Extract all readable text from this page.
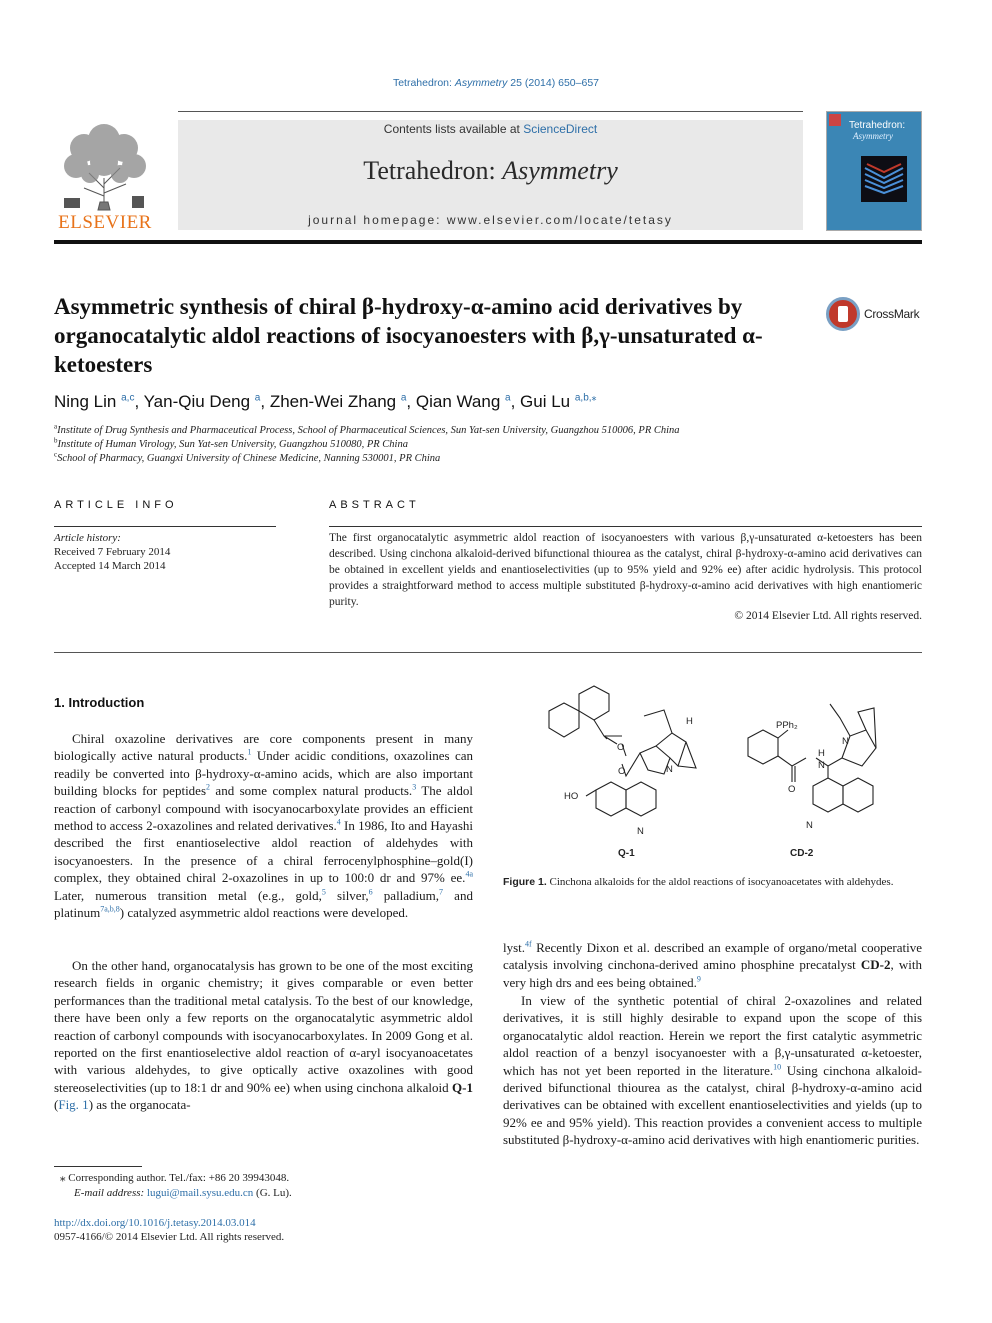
Tetrahedron: Asymmetry 25 (2014) 650–657
ELSEVIER
Contents lists available at ScienceDirect
Tetrahedron: Asymmetry
journal homepage: www.elsevier.com/locate/tetasy
Tetrahedron:
Asymmetry
Asymmetric synthesis of chiral β-hydroxy-α-amino acid derivatives by organocatalytic aldol reactions of isocyanoesters with β,γ-unsaturated α-ketoesters
CrossMark
Ning Lin $^{a,c}$, Yan-Qiu Deng $^a$, Zhen-Wei Zhang $^a$, Qian Wang $^a$, Gui Lu $^{a,b,⁎}$
$^a$Institute of Drug Synthesis and Pharmaceutical Process, School of Pharmaceutical Sciences, Sun Yat-sen University, Guangzhou 510006, PR China
$^b$Institute of Human Virology, Sun Yat-sen University, Guangzhou 510080, PR China
$^c$School of Pharmacy, Guangxi University of Chinese Medicine, Nanning 530001, PR China
ARTICLE INFO
Article history:
Received 7 February 2014
Accepted 14 March 2014
ABSTRACT
The first organocatalytic asymmetric aldol reaction of isocyanoesters with various β,γ-unsaturated α-ketoesters has been described. Using cinchona alkaloid-derived bifunctional thiourea as the catalyst, chiral β-hydroxy-α-amino acid derivatives can be obtained in excellent yields and enantioselectivities (up to 95% yield and 92% ee) after acidic hydrolysis. This protocol provides a straightforward method to access multiple substituted β-hydroxy-α-amino acid derivatives with high enantiomeric purity.
© 2014 Elsevier Ltd. All rights reserved.
1. Introduction
Chiral oxazoline derivatives are core components present in many biologically active natural products.$^1$ Under acidic conditions, oxazolines can readily be converted into β-hydroxy-α-amino acids, which are also important building blocks for peptides$^2$ and some complex natural products.$^3$ The aldol reaction of carbonyl compound with isocyanocarboxylate provides an efficient method to access 2-oxazolines and related derivatives.$^4$ In 1986, Ito and Hayashi described the first enantioselective aldol reaction of aldehydes with isocyanoesters. In the presence of a chiral ferrocenylphosphine–gold(I) complex, they obtained chiral 2-oxazolines in up to 100:0 dr and 97% ee.$^{4a}$ Later, numerous transition metal (e.g., gold,$^5$ silver,$^6$ palladium,$^7$ and platinum$^{7a,b,8}$) catalyzed asymmetric aldol reactions were developed.
On the other hand, organocatalysis has grown to be one of the most exciting research fields in organic chemistry; it gives comparable or even better performances than the traditional metal catalysis. To the best of our knowledge, there have been only a few reports on the organocatalytic asymmetric aldol reaction of carbonyl compounds with isocyanocarboxylates. In 2009 Gong et al. reported on the first enantioselective aldol reaction of α-aryl isocyanoacetates with various aldehydes, to give optically active oxazolines with good stereoselectivities (up to 18:1 dr and 90% ee) when using cinchona alkaloid Q-1 (Fig. 1) as the organocata-
lyst.$^{4f}$ Recently Dixon et al. described an example of organo/metal cooperative catalysis involving cinchona-derived amino phosphine precatalyst CD-2, with very high drs and ees being obtained.$^9$
In view of the synthetic potential of chiral 2-oxazolines and related derivatives, it is still highly desirable to expand upon the scope of this organocatalytic aldol reaction. Herein we report the first catalytic asymmetric aldol reaction of a benzyl isocyanoester with a β,γ-unsaturated α-ketoester, which has not yet been reported in the literature.$^{10}$ Using cinchona alkaloid-derived bifunctional thiourea as the catalyst, chiral β-hydroxy-α-amino acid derivatives can be obtained with excellent enantioselectivities and yields (up to 92% ee and 95% yield). This reaction provides a convenient access to multiple substituted β-hydroxy-α-amino acid derivatives with high enantiomeric purities.
H
O
O	N
N
HO
PPh₂
O
N
H
N
N
Q-1	CD-2
Figure 1. Cinchona alkaloids for the aldol reactions of isocyanoacetates with aldehydes.
⁎ Corresponding author. Tel./fax: +86 20 39943048.
E-mail address: lugui@mail.sysu.edu.cn (G. Lu).
http://dx.doi.org/10.1016/j.tetasy.2014.03.014
0957-4166/© 2014 Elsevier Ltd. All rights reserved.
